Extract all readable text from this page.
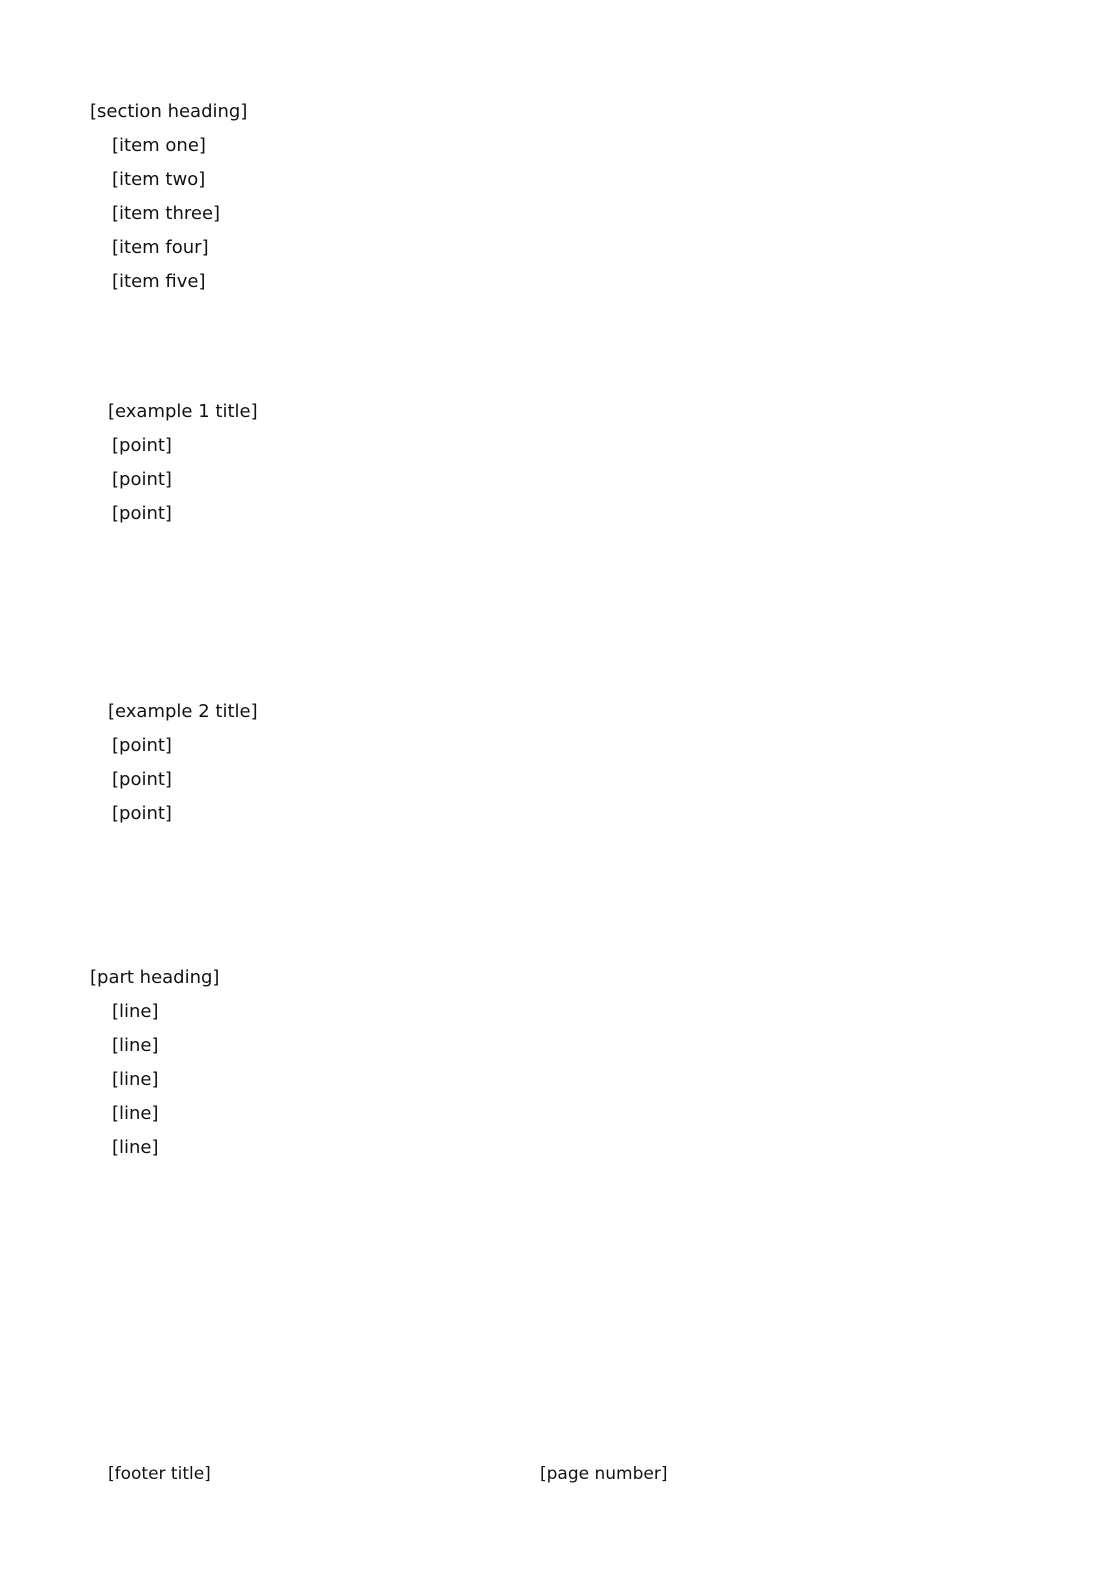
[section heading]
[item one]
[item two]
[item three]
[item four]
[item five]
[example 1 title]
[point]
[point]
[point]
[example 2 title]
[point]
[point]
[point]
[part heading]
[line]
[line]
[line]
[line]
[line]
[footer title]	[page number]
